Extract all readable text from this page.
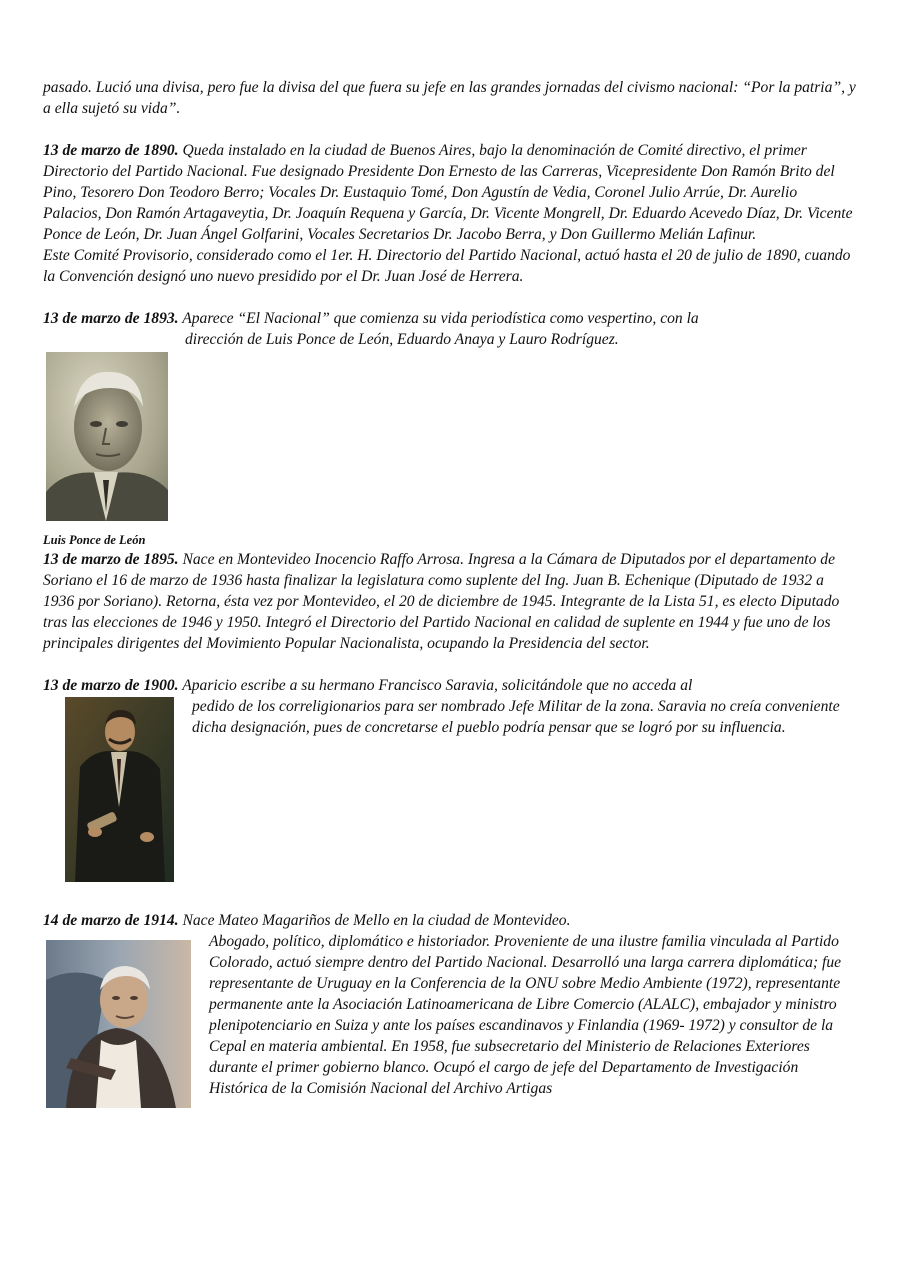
pasado. Lució una divisa, pero fue la divisa del que fuera su jefe en las grandes jornadas del civismo nacional: “Por la patria”, y a ella sujetó su vida”.

13 de marzo de 1890. Queda instalado en la ciudad de Buenos Aires, bajo la denominación de Comité directivo, el primer Directorio del Partido Nacional. Fue designado Presidente Don Ernesto de las Carreras, Vicepresidente Don Ramón Brito del Pino, Tesorero Don Teodoro Berro; Vocales Dr. Eustaquio Tomé, Don Agustín de Vedia, Coronel Julio Arrúe, Dr. Aurelio Palacios, Don Ramón Artagaveytia, Dr. Joaquín Requena y García, Dr. Vicente Mongrell, Dr. Eduardo Acevedo Díaz, Dr. Vicente Ponce de León, Dr. Juan Ángel Golfarini, Vocales Secretarios Dr. Jacobo Berra, y Don Guillermo Melián Lafinur.

Este Comité Provisorio, considerado como el 1er. H. Directorio del Partido Nacional, actuó hasta el 20 de julio de 1890, cuando la Convención designó uno nuevo presidido por el Dr. Juan José de Herrera.

13 de marzo de 1893. Aparece “El Nacional” que comienza su vida periodística como vespertino, con la

dirección de Luis Ponce de León, Eduardo Anaya y Lauro Rodríguez.

Luis Ponce de León

13 de marzo de 1895. Nace en Montevideo Inocencio Raffo Arrosa. Ingresa a la Cámara de Diputados por el departamento de Soriano el 16 de marzo de 1936 hasta finalizar la legislatura como suplente del Ing. Juan B. Echenique (Diputado de 1932 a 1936 por Soriano). Retorna, ésta vez por Montevideo, el 20 de diciembre de 1945. Integrante de la Lista 51, es electo Diputado tras las elecciones de 1946 y 1950. Integró el Directorio del Partido Nacional en calidad de suplente en 1944 y fue uno de los principales dirigentes del Movimiento Popular Nacionalista, ocupando la Presidencia del sector.

13 de marzo de 1900. Aparicio escribe a su hermano Francisco Saravia, solicitándole que no acceda al

pedido de los correligionarios para ser nombrado Jefe Militar de la zona. Saravia no creía conveniente dicha designación, pues de concretarse el pueblo podría pensar que se logró por su influencia.

14 de marzo de 1914. Nace Mateo Magariños de Mello en la ciudad de Montevideo.

Abogado, político, diplomático e historiador. Proveniente de una ilustre familia vinculada al Partido Colorado, actuó siempre dentro del Partido Nacional. Desarrolló una larga carrera diplomática; fue representante de Uruguay en la Conferencia de la ONU sobre Medio Ambiente (1972), representante permanente ante la Asociación Latinoamericana de Libre Comercio (ALALC), embajador y ministro plenipotenciario en Suiza y ante los países escandinavos y Finlandia (1969- 1972) y consultor de la Cepal en materia ambiental. En 1958, fue subsecretario del Ministerio de Relaciones Exteriores durante el primer gobierno blanco. Ocupó el cargo de jefe del Departamento de Investigación Histórica de la Comisión Nacional del Archivo Artigas
